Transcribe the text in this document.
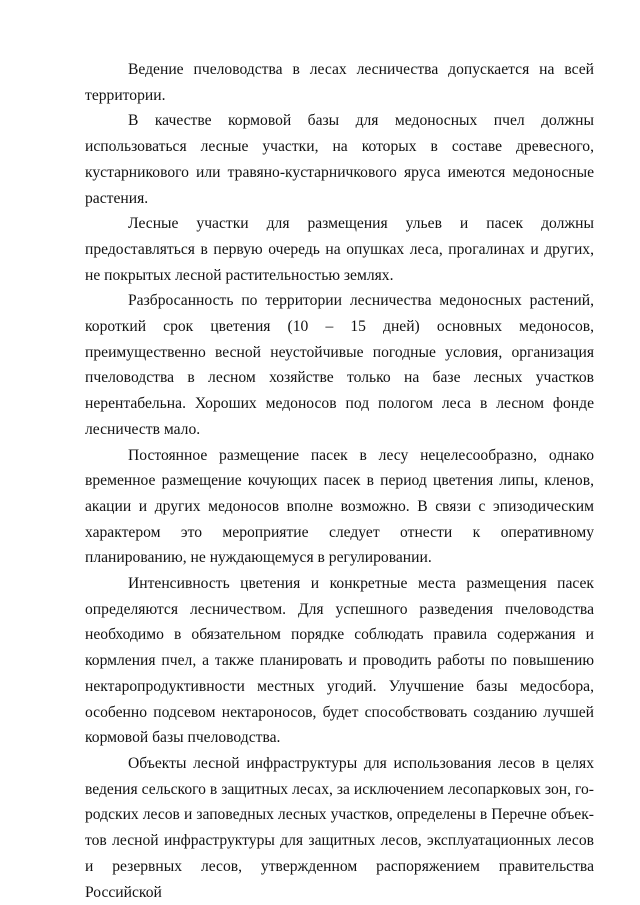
Ведение пчеловодства в лесах лесничества допускается на всей территории.

В качестве кормовой базы для медоносных пчел должны использоваться лесные участки, на которых в составе древесного, кустарникового или травяно-кустарничкового яруса имеются медоносные растения.

Лесные участки для размещения ульев и пасек должны предоставляться в первую очередь на опушках леса, прогалинах и других, не покрытых лесной растительностью землях.

Разбросанность по территории лесничества медоносных растений, короткий срок цветения (10 – 15 дней) основных медоносов, преимущественно весной неустойчивые погодные условия, организация пчеловодства в лесном хозяйстве только на базе лесных участков нерентабельна. Хороших медоносов под пологом леса в лесном фонде лесничеств мало.

Постоянное размещение пасек в лесу нецелесообразно, однако временное размещение кочующих пасек в период цветения липы, кленов, акации и других медоносов вполне возможно. В связи с эпизодическим характером это мероприятие следует отнести к оперативному планированию, не нуждающемуся в регулировании.

Интенсивность цветения и конкретные места размещения пасек определяются лесничеством. Для успешного разведения пчеловодства необходимо в обязательном порядке соблюдать правила содержания и кормления пчел, а также планировать и проводить работы по повышению нектаропродуктивности местных угодий. Улучшение базы медосбора, особенно подсевом нектароносов, будет способствовать созданию лучшей кормовой базы пчеловодства.

Объекты лесной инфраструктуры для использования лесов в целях ведения сельского в защитных лесах, за исключением лесопарковых зон, городских лесов и заповедных лесных участков, определены в Перечне объектов лесной инфраструктуры для защитных лесов, эксплуатационных лесов и резервных лесов, утвержденном распоряжением правительства Российской
